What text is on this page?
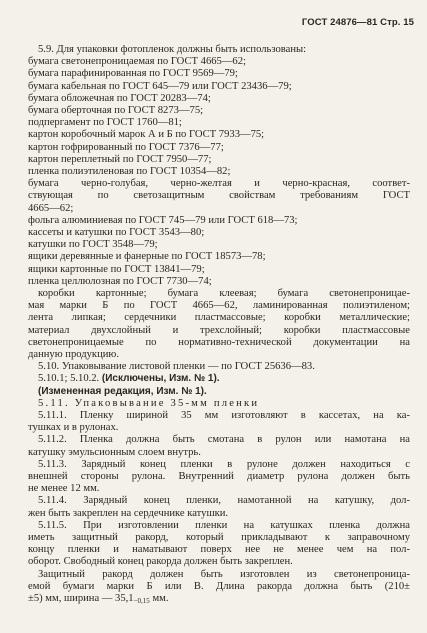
ГОСТ 24876—81 Стр. 15
5.9. Для упаковки фотопленок должны быть использованы:
бумага светонепроницаемая по ГОСТ 4665—62;
бумага парафинированная по ГОСТ 9569—79;
бумага кабельная по ГОСТ 645—79 или ГОСТ 23436—79;
бумага обложечная по ГОСТ 20283—74;
бумага оберточная по ГОСТ 8273—75;
подпергамент по ГОСТ 1760—81;
картон коробочный марок А и Б по ГОСТ 7933—75;
картон гофрированный по ГОСТ 7376—77;
картон переплетный по ГОСТ 7950—77;
пленка полиэтиленовая по ГОСТ 10354—82;
бумага черно-голубая, черно-желтая и черно-красная, соответ-
ствующая по светозащитным свойствам требованиям ГОСТ
4665—62;
фольга алюминиевая по ГОСТ 745—79 или ГОСТ 618—73;
кассеты и катушки по ГОСТ 3543—80;
катушки по ГОСТ 3548—79;
ящики деревянные и фанерные по ГОСТ 18573—78;
ящики картонные по ГОСТ 13841—79;
пленка целлюлозная по ГОСТ 7730—74;
коробки картонные; бумага клеевая; бумага светонепроницае-
мая марки Б по ГОСТ 4665—62, ламинированная полиэтиленом;
лента липкая; сердечники пластмассовые; коробки металлические;
материал двухслойный и трехслойный; коробки пластмассовые
светонепроницаемые по нормативно-технической документации на
данную продукцию.
5.10. Упаковывание листовой пленки — по ГОСТ 25636—83.
5.10.1; 5.10.2. (Исключены, Изм. № 1).
(Измененная редакция, Изм. № 1).
5.11. Упаковывание 35-мм пленки
5.11.1. Пленку шириной 35 мм изготовляют в кассетах, на ка-
тушках и в рулонах.
5.11.2. Пленка должна быть смотана в рулон или намотана на
катушку эмульсионным слоем внутрь.
5.11.3. Зарядный конец пленки в рулоне должен находиться с
внешней стороны рулона. Внутренний диаметр рулона должен быть
не менее 12 мм.
5.11.4. Зарядный конец пленки, намотанной на катушку, дол-
жен быть закреплен на сердечнике катушки.
5.11.5. При изготовлении пленки на катушках пленка должна
иметь защитный ракорд, который прикладывают к заправочному
концу пленки и наматывают поверх нее не менее чем на пол-
оборот. Свободный конец ракорда должен быть закреплен.
Защитный ракорд должен быть изготовлен из светонепроница-
емой бумаги марки Б или В. Длина ракорда должна быть (210±
±5) мм, ширина — $35,1_{-0,15}$ мм.
